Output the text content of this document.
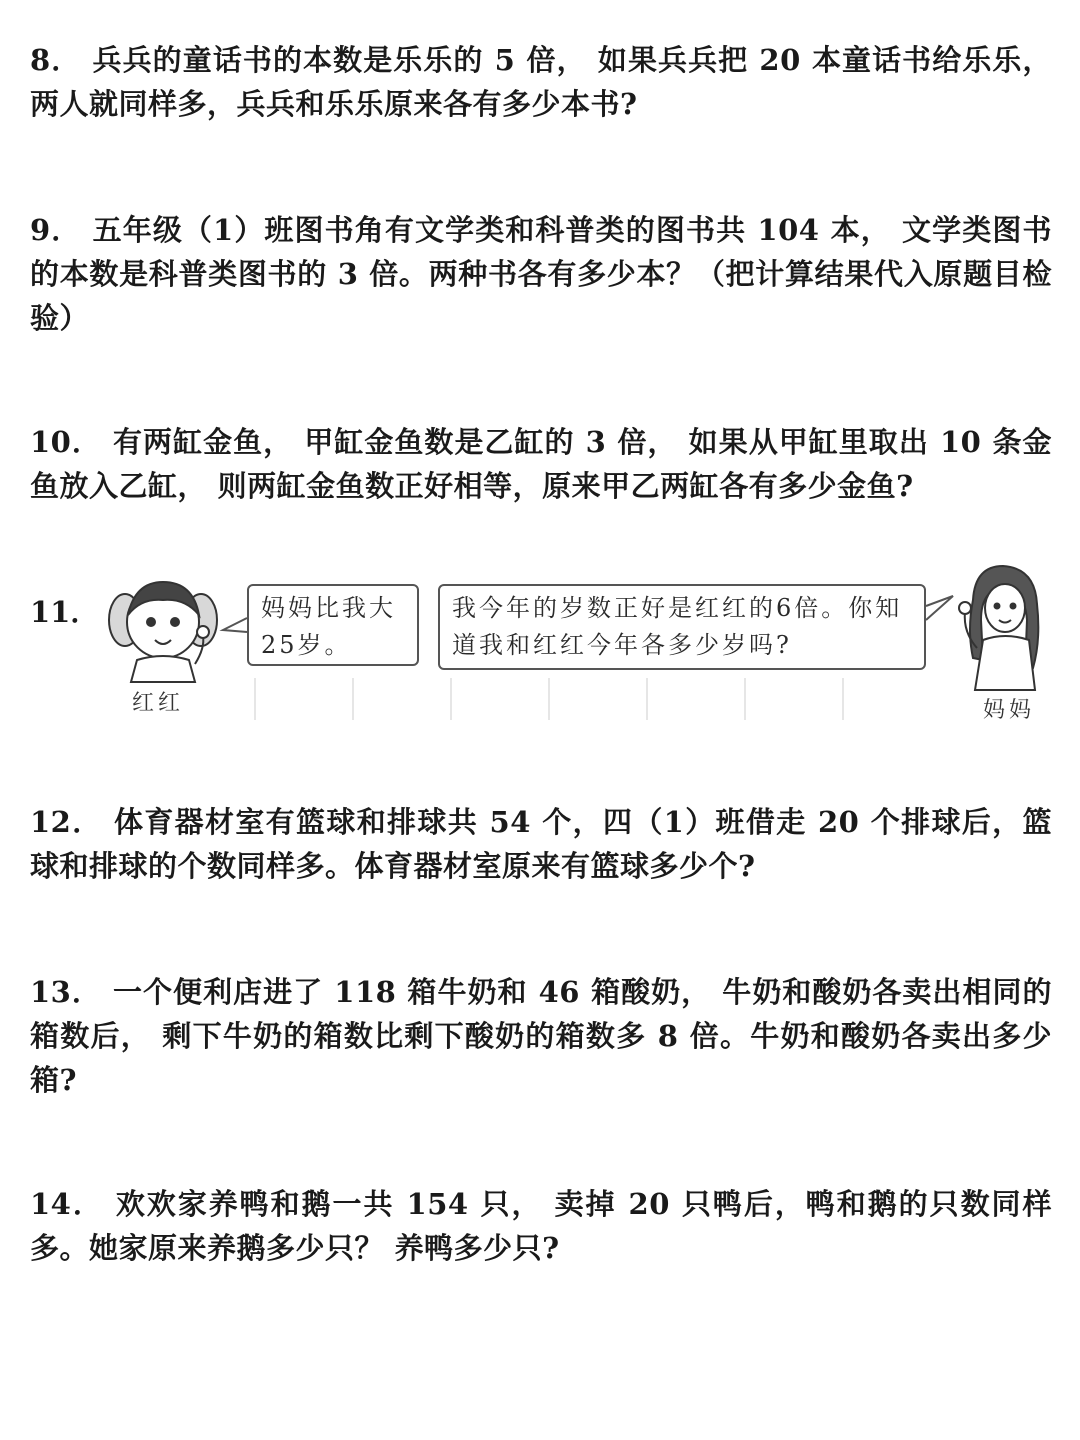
8． 兵兵的童话书的本数是乐乐的 5 倍， 如果兵兵把 20 本童话书给乐乐， 两人就同样多，兵兵和乐乐原来各有多少本书?
9． 五年级（1）班图书角有文学类和科普类的图书共 104 本， 文学类图书的本数是科普类图书的 3 倍。两种书各有多少本？（把计算结果代入原题目检验）
10． 有两缸金鱼， 甲缸金鱼数是乙缸的 3 倍， 如果从甲缸里取出 10 条金鱼放入乙缸， 则两缸金鱼数正好相等，原来甲乙两缸各有多少金鱼?
11．	妈妈比我大25岁。
我今年的岁数正好是红红的6倍。你知道我和红红今年各多少岁吗?
红红	妈妈
12． 体育器材室有篮球和排球共 54 个，四（1）班借走 20 个排球后，篮球和排球的个数同样多。体育器材室原来有篮球多少个?
13． 一个便利店进了 118 箱牛奶和 46 箱酸奶， 牛奶和酸奶各卖出相同的箱数后， 剩下牛奶的箱数比剩下酸奶的箱数多 8 倍。牛奶和酸奶各卖出多少箱?
14． 欢欢家养鸭和鹅一共 154 只， 卖掉 20 只鸭后，鸭和鹅的只数同样多。她家原来养鹅多少只？ 养鸭多少只?
